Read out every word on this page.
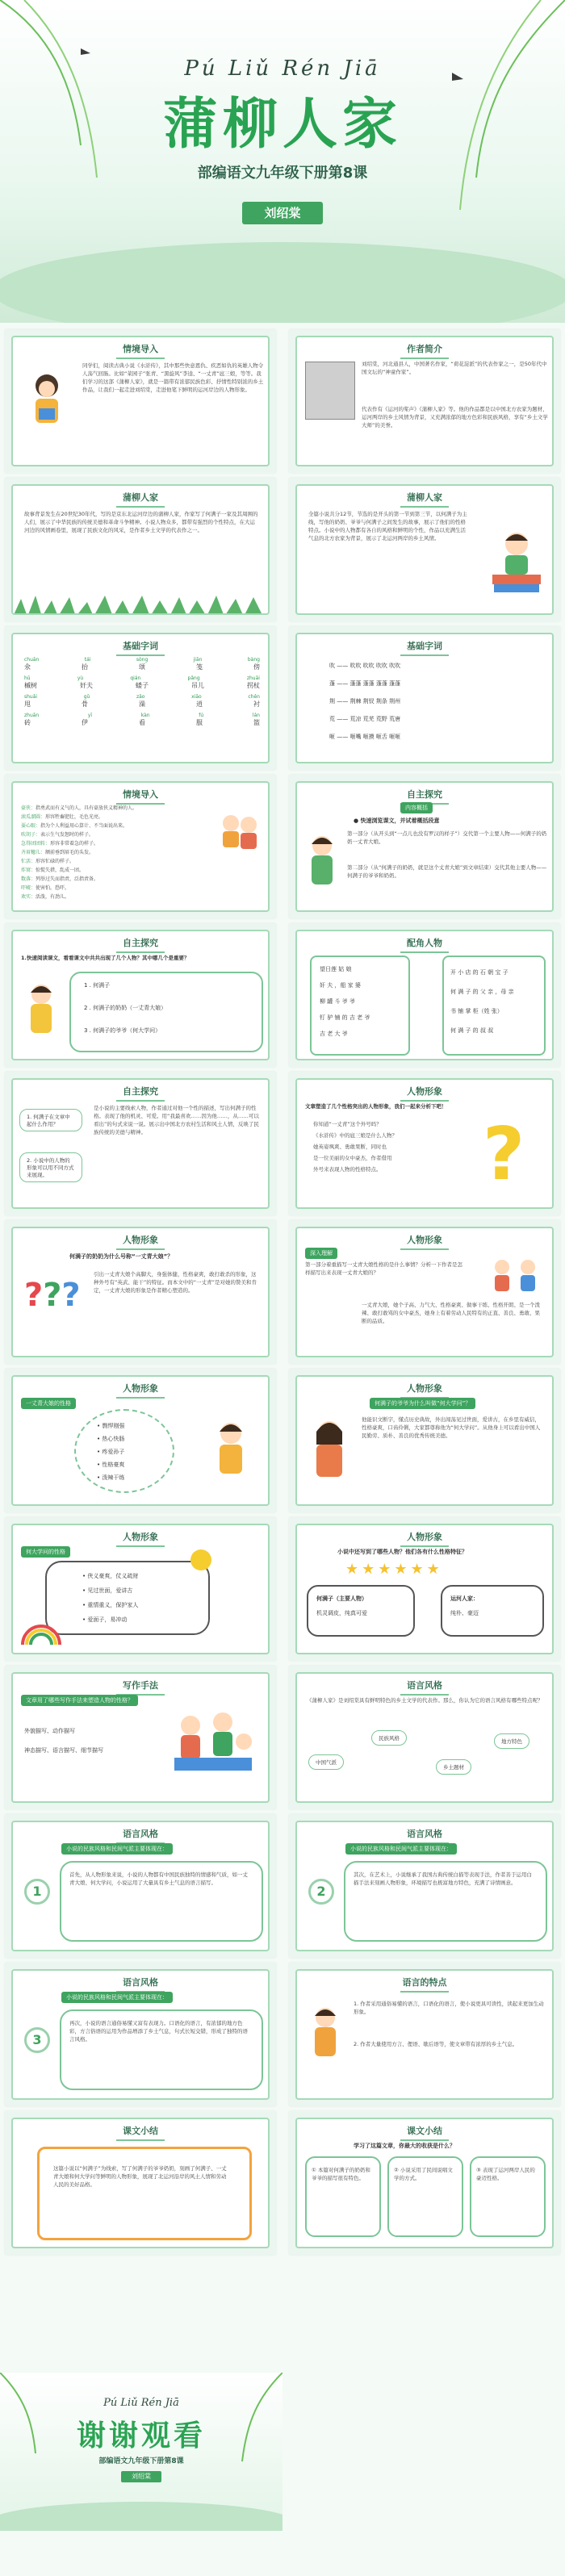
Pú Liǔ Rén Jiā
蒲柳人家
部编语文九年级下册第8课
刘绍棠
情境导入
同学们，阅读古典小说《水浒传》，其中那些快意恩仇、疾恶如仇的英雄人物令人荡气回肠。比如“菜园子”张青、“黑旋风”李逵、“一丈青”扈三娘，等等。我们学习的这部《蒲柳人家》，就是一篇带有浓郁民族色彩、抒情性特别浓的乡土作品，让我们一起走进刘绍棠，走进他笔下鲜明的运河岸边的人物形象。
作者简介
刘绍棠，河北通县人，中国著名作家，“荷花淀派”的代表作家之一，是50年代中国文坛的“神童作家”。
代表作有《运河的桨声》《蒲柳人家》等。他的作品都是以中国北方农家为题材，运河两岸的乡土风情为背景，又充满浓郁的地方色彩和民族风格，享有“乡土文学大师”的美誉。
蒲柳人家
故事背景发生在20世纪30年代，写的是京东北运河岸边的蒲柳人家，作家写了何满子一家及其周围的人们，展示了中华民族的传统美德和革命斗争精神。小说人物众多，都带有强烈的个性特点，在大运河边的风情画卷里，展现了民族文化的风采，是作者乡土文学的代表作之一。
蒲柳人家
全篇小说共分12节，节选的是开头的第一节到第三节，以何满子为主线，写他的奶奶、爷爷与何满子之间发生的故事，展示了他们的性格特点。小说中的人物都有各自的风格和鲜明的个性，作品以充满生活气息的北方农家为背景，展示了北运河两岸的乡土风情。
基础字词
chuān	tái	sòng	jiān	bàng
氽	抬	颂	笺	傍
hū	yù	qián	pǎng	zhuāi
槭树	奸夫	蝼子	吊儿	拐杖
shuǎi	gǔ	zǎo	xiāo	chěn
甩	骨	澡	逍	衬
zhuān	yī	kàn	fú	lán
砖	伊	看	服	篮
基础字词
吹 —— 吹吹 吹吹 吹吹 吹吹
蓬 —— 蓬蓬 蓬蓬 蓬蓬 蓬蓬
荆 —— 荆棘 荆钗 荆条 荆州
荒 —— 荒凉 荒芜 荒野 荒唐
咂 —— 咂嘴 咂摸 咂舌 咂咂
情境导入
豪侠：指勇武而有义气的人，具有豪放侠义精神的人。
滚瓜溜圆：形容牲畜肥壮，毛色光亮。
耍心眼：指为个人利益用心算计、不当面说出来。
吹胡子：表示生气发怒时的样子。
急得团团转：形容非常着急的样子。
齐眉穗儿：额前垂到眉毛的头发。
忙活：形容忙碌的样子。
炸窝：惊慌失措，乱成一团。
数落：列举过失而指责，泛指责备。
吓唬：使害怕，恐吓。
欢实：活泼，有劲儿。
自主探究
内容概括
● 快速浏览课文，并试着概括段意
第一部分（从开头到“一点儿也没有罗汉的样子”）交代第一个主要人物——何满子的奶奶一丈青大娘。
第二部分（从“何满子的奶奶，就是这个丈青大娘”到文章结束）交代其他主要人物——何满子的爷爷和奶奶。
自主探究
1.快速阅读课文，看看课文中共共出现了几个人物？其中哪几个是重要？
1 . 何满子
2 . 何满子的奶奶（一丈青大娘）
3 . 何满子的爷爷（何大学问）
配角人物
望日莲 姑 娘
奸 夫 ，船 家 婆
柳 罐 斗 爷 爷
钉 驴 铺 的 吉 老 爷
吉 老 大 爷
开 小 店 的 石 朝 宝 子
何 满 子 的 父 亲 ，母 亲
书 铺 掌 柜（姓 张）
何 满 子 的 叔 叔
自主探究
1. 何满子在文章中起什么作用？
2. 小说中的人物的形象可以用不同方式来展现。
是小说的主要线索人物，作者通过对他一个性的描述，写出何满子的性格。表现了他的机灵、可爱。用“我最喜欢……因为他……，从……可以看出”的句式来说一说。展示出中国北方农村生活和风土人情，反映了民族传统的美德与精神。
人物形象
文章塑造了几个性格突出的人物形象，我们一起来分析下吧！
你知道“一丈青”这个外号吗？
《水浒传》中的扈三娘是什么人物？
她英姿飒爽、勇敢果断，同时也
是一位美丽的女中豪杰，作者借用
外号来表现人物的性格特点。 ?
人物形象
何满子的奶奶为什么号称“一丈青大娘”？
???
引出一丈青大娘个高脚大，身强体健，性格豪爽，敢打敢杀的形象，这种外号有“英武、能干”的特征。而本文中的“一丈青”是对她的赞美和肯定，一丈青大娘的形象是作者精心塑造的。
人物形象
深入理解
第一部分着重描写一丈青大娘性格的是什么事情？分析一下作者是怎样描写出来表现一丈青大娘的？
一丈青大娘，她个子高、力气大、性格豪爽、做事干练、性格开朗、是一个泼辣、敢打敢骂的女中豪杰，她身上有着劳动人民特有的正直、善良、勇敢、果断的品质。
人物形象
一丈青大娘的性格
• 剽悍刚强
• 热心快肠
• 疼爱孙子
• 性格豪爽
• 泼辣干练
人物形象
何满子的爷爷为什么叫做“何大学问”？
他能识文断字，懂点历史典故，外出闯荡见过世面，爱讲古，在乡里有威信，性格豪爽，口齿伶俐，大家都尊称他为“何大学问”。从他身上可以看出中国人民勤劳、质朴、善良的优秀传统美德。
人物形象
何大学问的性格
• 侠义豪爽，仗义疏财
• 见过世面，爱讲古
• 重情重义，保护家人
• 爱面子，易冲动
人物形象
小说中还写到了哪些人物？他们各有什么性格特征？
★★★★★★
何满子（主要人物）
机灵调皮，纯真可爱
运河人家：
纯朴、豪迈
写作手法
文章用了哪些写作手法来塑造人物的性格？
外貌描写、动作描写
神态描写、语言描写、细节描写
语言风格
《蒲柳人家》是刘绍棠具有鲜明特色的乡土文学的代表作。那么，你认为它的语言风格有哪些特点呢？
中国气派
民族风格
乡土题材
地方特色
语言风格
小说的民族风格和民间气派主要体现在：
1
首先，从人物形象来说，小说的人物都有中国民族独特的情感和气质，如一丈青大娘、何大学问，小说运用了大量具有乡土气息的语言描写。
语言风格
小说的民族风格和民间气派主要体现在：
2
其次，在艺术上，小说继承了我国古典传统白描等表现手法，作者善于运用白描手法来刻画人物形象，环境描写也极富地方特色，充满了诗情画意。
语言风格
小说的民族风格和民间气派主要体现在：
3
再次，小说的语言通俗易懂又富有表现力。口语化的语言，有浓郁的地方色彩，方言俗语的运用为作品增添了乡土气息，句式长短交错，形成了独特的语言风格。
语言的特点
1. 作者采用通俗易懂的语言，口语化的语言，使小说更具可读性，读起来更加生动形象。
2. 作者大量使用方言、俚语、歇后语等，使文章带有浓厚的乡土气息。
课文小结
这篇小说以“何满子”为线索，写了何满子的爷爷奶奶，刻画了何满子、一丈青大娘和何大学问等鲜明的人物形象，展现了北运河沿岸的风土人情和劳动人民的美好品格。
课文小结
学习了这篇文章，你最大的收获是什么？
① 本篇对何满子的奶奶和爷爷的描写很有特色。
② 小说采用了民间说唱文学的方式。
③ 表现了运河两岸人民的豪迈性格。
Pú Liǔ Rén Jiā
谢谢观看
部编语文九年级下册第8课
刘绍棠
